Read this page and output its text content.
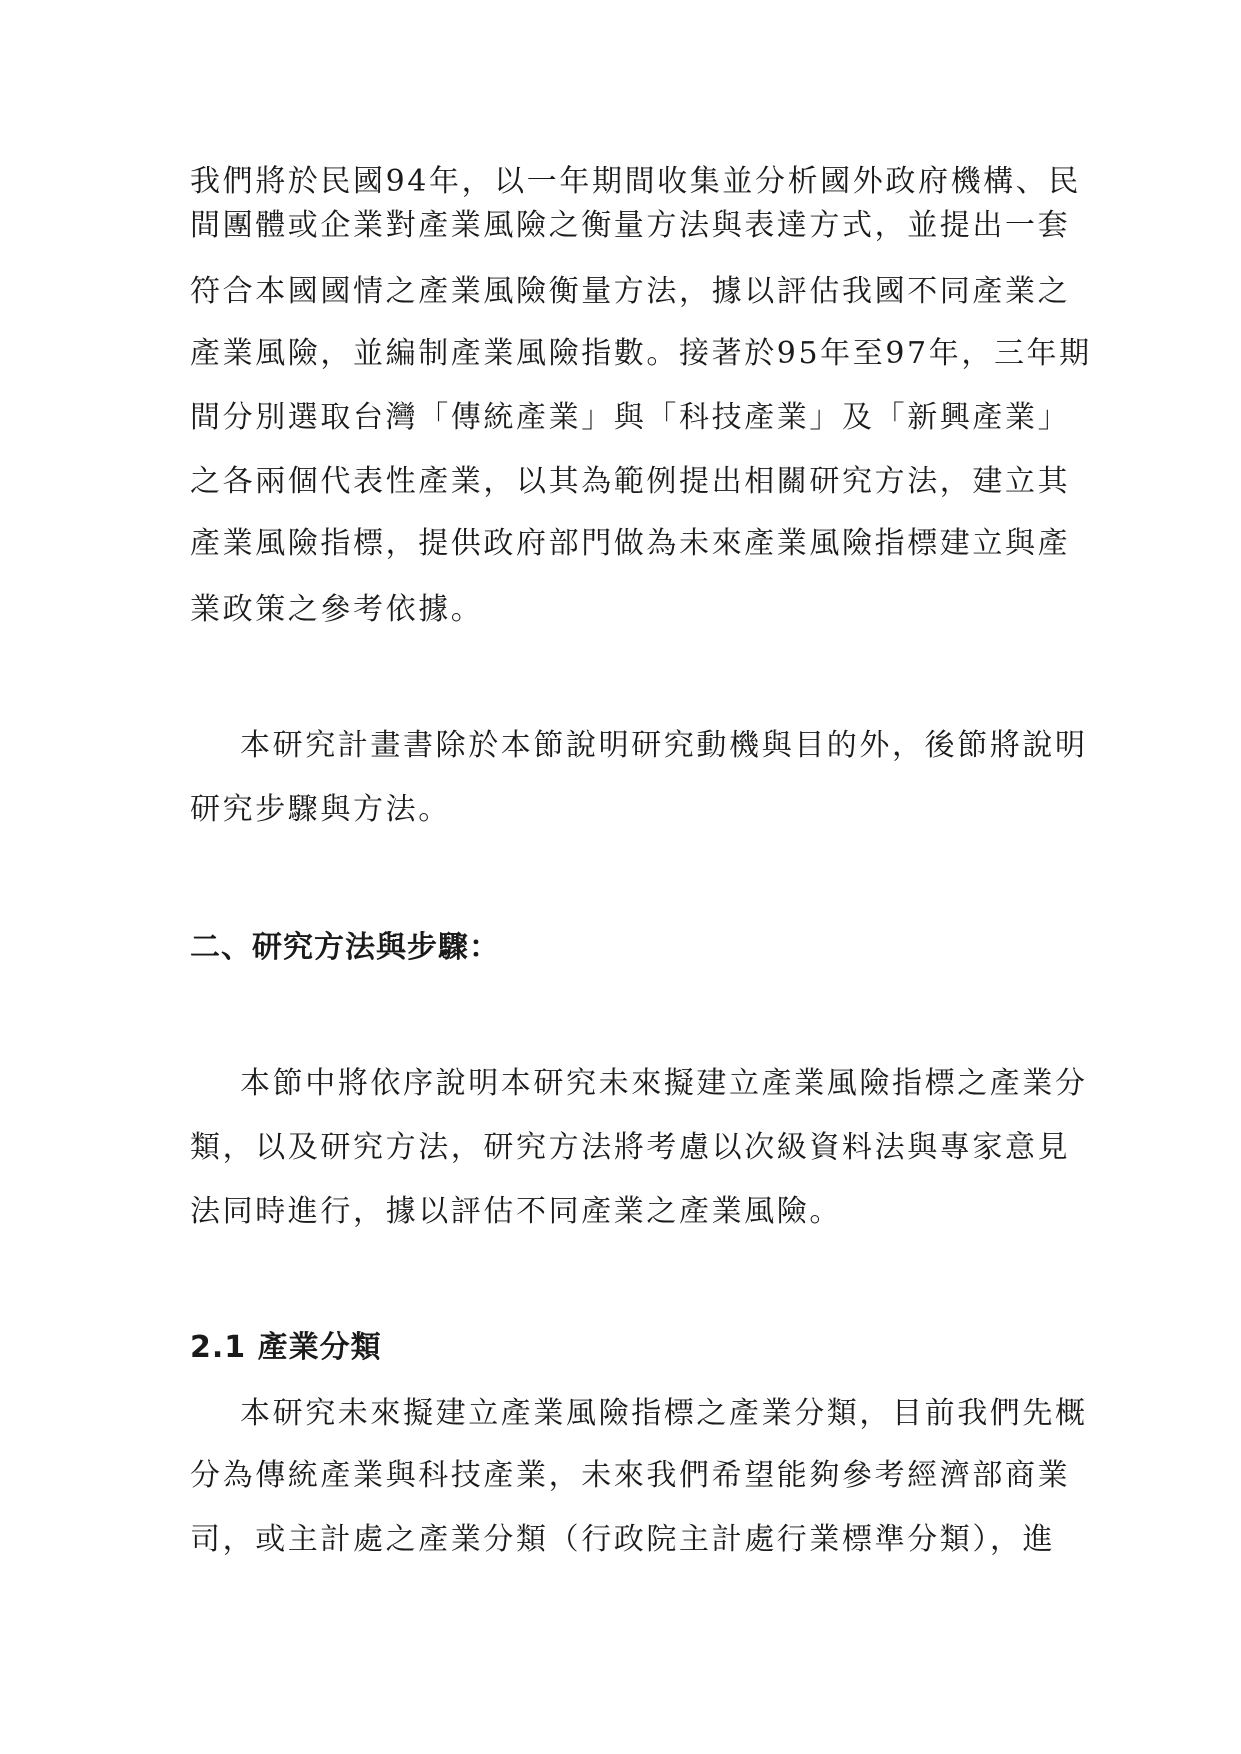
我們將於民國94年，以一年期間收集並分析國外政府機構、民

間團體或企業對產業風險之衡量方法與表達方式，並提出一套

符合本國國情之產業風險衡量方法，據以評估我國不同產業之

產業風險，並編制產業風險指數。接著於95年至97年，三年期

間分別選取台灣「傳統產業」與「科技產業」及「新興產業」

之各兩個代表性產業，以其為範例提出相關研究方法，建立其

產業風險指標，提供政府部門做為未來產業風險指標建立與產

業政策之參考依據。

本研究計畫書除於本節說明研究動機與目的外，後節將說明

研究步驟與方法。

二、研究方法與步驟：

本節中將依序說明本研究未來擬建立產業風險指標之產業分

類，以及研究方法，研究方法將考慮以次級資料法與專家意見

法同時進行，據以評估不同產業之產業風險。

2.1 產業分類

本研究未來擬建立產業風險指標之產業分類，目前我們先概

分為傳統產業與科技產業，未來我們希望能夠參考經濟部商業

司，或主計處之產業分類（行政院主計處行業標準分類），進
